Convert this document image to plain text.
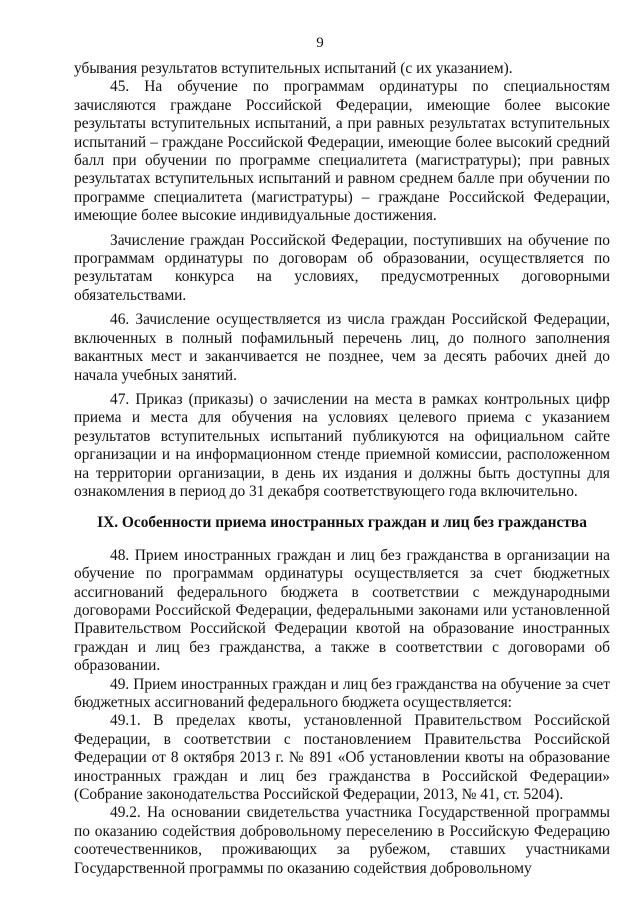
9

убывания результатов вступительных испытаний (с их указанием).

45. На обучение по программам ординатуры по специальностям зачисляются граждане Российской Федерации, имеющие более высокие результаты вступительных испытаний, а при равных результатах вступительных испытаний – граждане Российской Федерации, имеющие более высокий средний балл при обучении по программе специалитета (магистратуры); при равных результатах вступительных испытаний и равном среднем балле при обучении по программе специалитета (магистратуры) – граждане Российской Федерации, имеющие более высокие индивидуальные достижения.

Зачисление граждан Российской Федерации, поступивших на обучение по программам ординатуры по договорам об образовании, осуществляется по результатам конкурса на условиях, предусмотренных договорными обязательствами.

46. Зачисление осуществляется из числа граждан Российской Федерации, включенных в полный пофамильный перечень лиц, до полного заполнения вакантных мест и заканчивается не позднее, чем за десять рабочих дней до начала учебных занятий.

47. Приказ (приказы) о зачислении на места в рамках контрольных цифр приема и места для обучения на условиях целевого приема с указанием результатов вступительных испытаний публикуются на официальном сайте организации и на информационном стенде приемной комиссии, расположенном на территории организации, в день их издания и должны быть доступны для ознакомления в период до 31 декабря соответствующего года включительно.

IX. Особенности приема иностранных граждан и лиц без гражданства

48. Прием иностранных граждан и лиц без гражданства в организации на обучение по программам ординатуры осуществляется за счет бюджетных ассигнований федерального бюджета в соответствии с международными договорами Российской Федерации, федеральными законами или установленной Правительством Российской Федерации квотой на образование иностранных граждан и лиц без гражданства, а также в соответствии с договорами об образовании.

49. Прием иностранных граждан и лиц без гражданства на обучение за счет бюджетных ассигнований федерального бюджета осуществляется:

49.1. В пределах квоты, установленной Правительством Российской Федерации, в соответствии с постановлением Правительства Российской Федерации от 8 октября 2013 г. № 891 «Об установлении квоты на образование иностранных граждан и лиц без гражданства в Российской Федерации» (Собрание законодательства Российской Федерации, 2013, № 41, ст. 5204).

49.2. На основании свидетельства участника Государственной программы по оказанию содействия добровольному переселению в Российскую Федерацию соотечественников, проживающих за рубежом, ставших участниками Государственной программы по оказанию содействия добровольному
